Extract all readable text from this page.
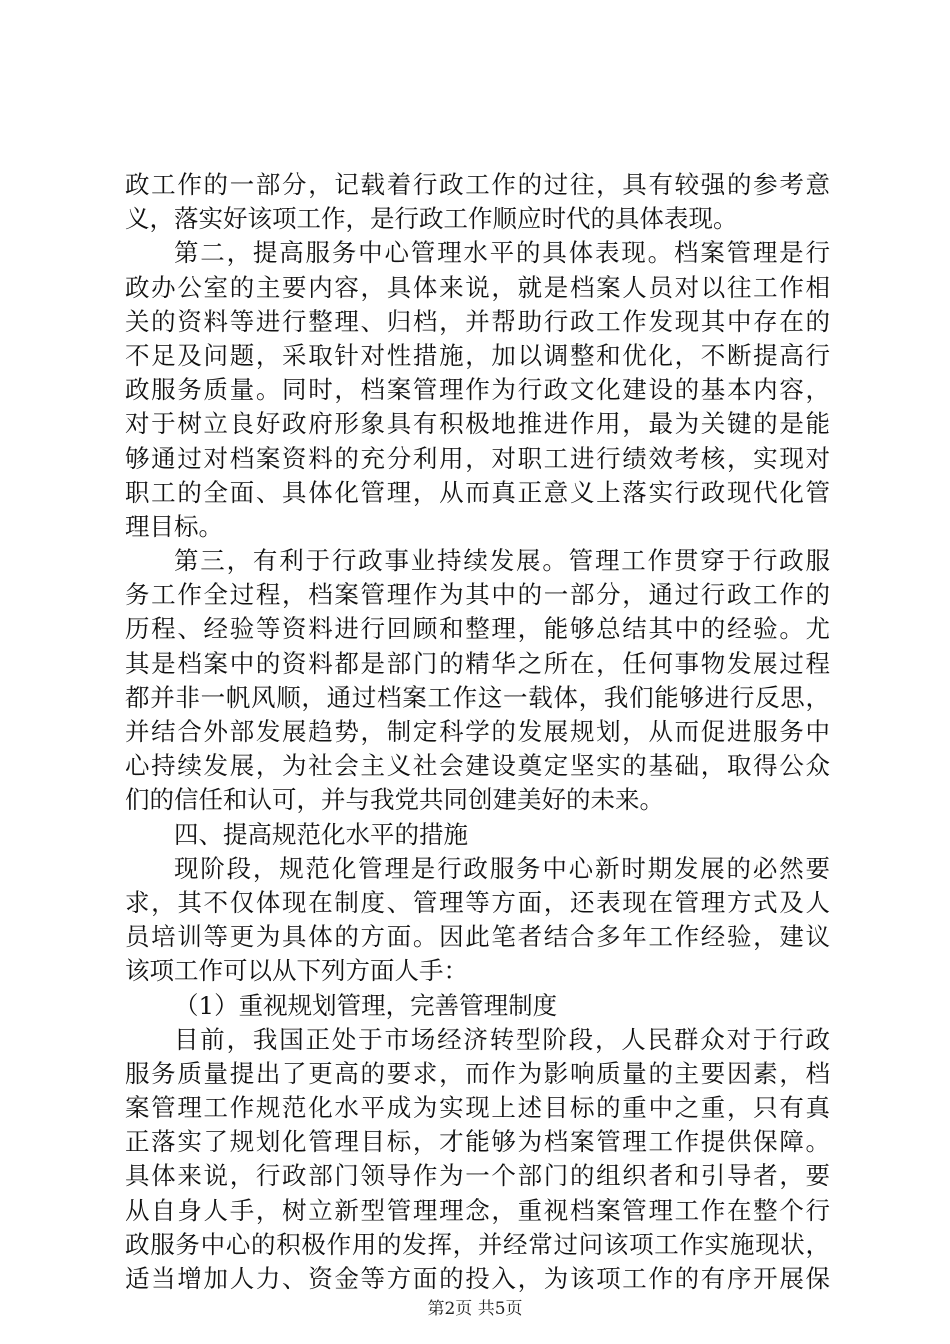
政工作的一部分，记载着行政工作的过往，具有较强的参考意
义，落实好该项工作，是行政工作顺应时代的具体表现。
第二，提高服务中心管理水平的具体表现。档案管理是行
政办公室的主要内容，具体来说，就是档案人员对以往工作相
关的资料等进行整理、归档，并帮助行政工作发现其中存在的
不足及问题，采取针对性措施，加以调整和优化，不断提高行
政服务质量。同时，档案管理作为行政文化建设的基本内容，
对于树立良好政府形象具有积极地推进作用，最为关键的是能
够通过对档案资料的充分利用，对职工进行绩效考核，实现对
职工的全面、具体化管理，从而真正意义上落实行政现代化管
理目标。
第三，有利于行政事业持续发展。管理工作贯穿于行政服
务工作全过程，档案管理作为其中的一部分，通过行政工作的
历程、经验等资料进行回顾和整理，能够总结其中的经验。尤
其是档案中的资料都是部门的精华之所在，任何事物发展过程
都并非一帆风顺，通过档案工作这一载体，我们能够进行反思，
并结合外部发展趋势，制定科学的发展规划，从而促进服务中
心持续发展，为社会主义社会建设奠定坚实的基础，取得公众
们的信任和认可，并与我党共同创建美好的未来。
四、提高规范化水平的措施
现阶段，规范化管理是行政服务中心新时期发展的必然要
求，其不仅体现在制度、管理等方面，还表现在管理方式及人
员培训等更为具体的方面。因此笔者结合多年工作经验，建议
该项工作可以从下列方面人手：
（1）重视规划管理，完善管理制度
目前，我国正处于市场经济转型阶段，人民群众对于行政
服务质量提出了更高的要求，而作为影响质量的主要因素，档
案管理工作规范化水平成为实现上述目标的重中之重，只有真
正落实了规划化管理目标，才能够为档案管理工作提供保障。
具体来说，行政部门领导作为一个部门的组织者和引导者，要
从自身人手，树立新型管理理念，重视档案管理工作在整个行
政服务中心的积极作用的发挥，并经常过问该项工作实施现状，
适当增加人力、资金等方面的投入，为该项工作的有序开展保
第2页 共5页
